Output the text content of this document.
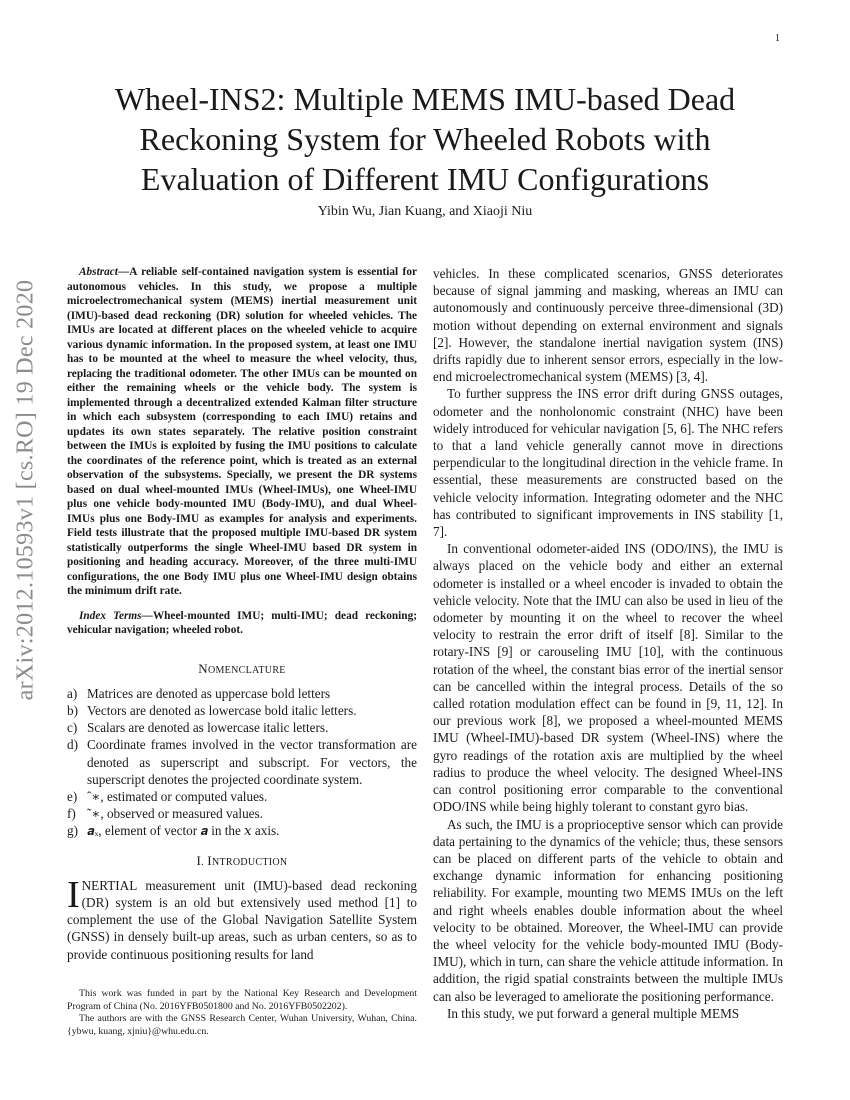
1
arXiv:2012.10593v1 [cs.RO] 19 Dec 2020
Wheel-INS2: Multiple MEMS IMU-based Dead Reckoning System for Wheeled Robots with Evaluation of Different IMU Configurations
Yibin Wu, Jian Kuang, and Xiaoji Niu

Abstract—A reliable self-contained navigation system is essential for autonomous vehicles. In this study, we propose a multiple microelectromechanical system (MEMS) inertial measurement unit (IMU)-based dead reckoning (DR) solution for wheeled vehicles. The IMUs are located at different places on the wheeled vehicle to acquire various dynamic information. In the proposed system, at least one IMU has to be mounted at the wheel to measure the wheel velocity, thus, replacing the traditional odometer. The other IMUs can be mounted on either the remaining wheels or the vehicle body. The system is implemented through a decentralized extended Kalman filter structure in which each subsystem (corresponding to each IMU) retains and updates its own states separately. The relative position constraint between the IMUs is exploited by fusing the IMU positions to calculate the coordinates of the reference point, which is treated as an external observation of the subsystems. Specially, we present the DR systems based on dual wheel-mounted IMUs (Wheel-IMUs), one Wheel-IMU plus one vehicle body-mounted IMU (Body-IMU), and dual Wheel-IMUs plus one Body-IMU as examples for analysis and experiments. Field tests illustrate that the proposed multiple IMU-based DR system statistically outperforms the single Wheel-IMU based DR system in positioning and heading accuracy. Moreover, of the three multi-IMU configurations, the one Body IMU plus one Wheel-IMU design obtains the minimum drift rate.

Index Terms—Wheel-mounted IMU; multi-IMU; dead reckoning; vehicular navigation; wheeled robot.

NOMENCLATURE
a) Matrices are denoted as uppercase bold letters
b) Vectors are denoted as lowercase bold italic letters.
c) Scalars are denoted as lowercase italic letters.
d) Coordinate frames involved in the vector transformation are denoted as superscript and subscript. For vectors, the superscript denotes the projected coordinate system.
e) ˆ∗, estimated or computed values.
f) ˜∗, observed or measured values.
g) 𝒂ₓ, element of vector 𝒂 in the 𝑥 axis.
I. INTRODUCTION

INERTIAL measurement unit (IMU)-based dead reckoning (DR) system is an old but extensively used method [1] to complement the use of the Global Navigation Satellite System (GNSS) in densely built-up areas, such as urban centers, so as to provide continuous positioning results for land

This work was funded in part by the National Key Research and Development Program of China (No. 2016YFB0501800 and No. 2016YFB0502202).

The authors are with the GNSS Research Center, Wuhan University, Wuhan, China. {ybwu, kuang, xjniu}@whu.edu.cn.

vehicles. In these complicated scenarios, GNSS deteriorates because of signal jamming and masking, whereas an IMU can autonomously and continuously perceive three-dimensional (3D) motion without depending on external environment and signals [2]. However, the standalone inertial navigation system (INS) drifts rapidly due to inherent sensor errors, especially in the low-end microelectromechanical system (MEMS) [3, 4].

To further suppress the INS error drift during GNSS outages, odometer and the nonholonomic constraint (NHC) have been widely introduced for vehicular navigation [5, 6]. The NHC refers to that a land vehicle generally cannot move in directions perpendicular to the longitudinal direction in the vehicle frame. In essential, these measurements are constructed based on the vehicle velocity information. Integrating odometer and the NHC has contributed to significant improvements in INS stability [1, 7].

In conventional odometer-aided INS (ODO/INS), the IMU is always placed on the vehicle body and either an external odometer is installed or a wheel encoder is invaded to obtain the vehicle velocity. Note that the IMU can also be used in lieu of the odometer by mounting it on the wheel to recover the wheel velocity to restrain the error drift of itself [8]. Similar to the rotary-INS [9] or carouseling IMU [10], with the continuous rotation of the wheel, the constant bias error of the inertial sensor can be cancelled within the integral process. Details of the so called rotation modulation effect can be found in [9, 11, 12]. In our previous work [8], we proposed a wheel-mounted MEMS IMU (Wheel-IMU)-based DR system (Wheel-INS) where the gyro readings of the rotation axis are multiplied by the wheel radius to produce the wheel velocity. The designed Wheel-INS can control positioning error comparable to the conventional ODO/INS while being highly tolerant to constant gyro bias.

As such, the IMU is a proprioceptive sensor which can provide data pertaining to the dynamics of the vehicle; thus, these sensors can be placed on different parts of the vehicle to obtain and exchange dynamic information for enhancing positioning reliability. For example, mounting two MEMS IMUs on the left and right wheels enables double information about the wheel velocity to be obtained. Moreover, the Wheel-IMU can provide the wheel velocity for the vehicle body-mounted IMU (Body-IMU), which in turn, can share the vehicle attitude information. In addition, the rigid spatial constraints between the multiple IMUs can also be leveraged to ameliorate the positioning performance.

In this study, we put forward a general multiple MEMS
